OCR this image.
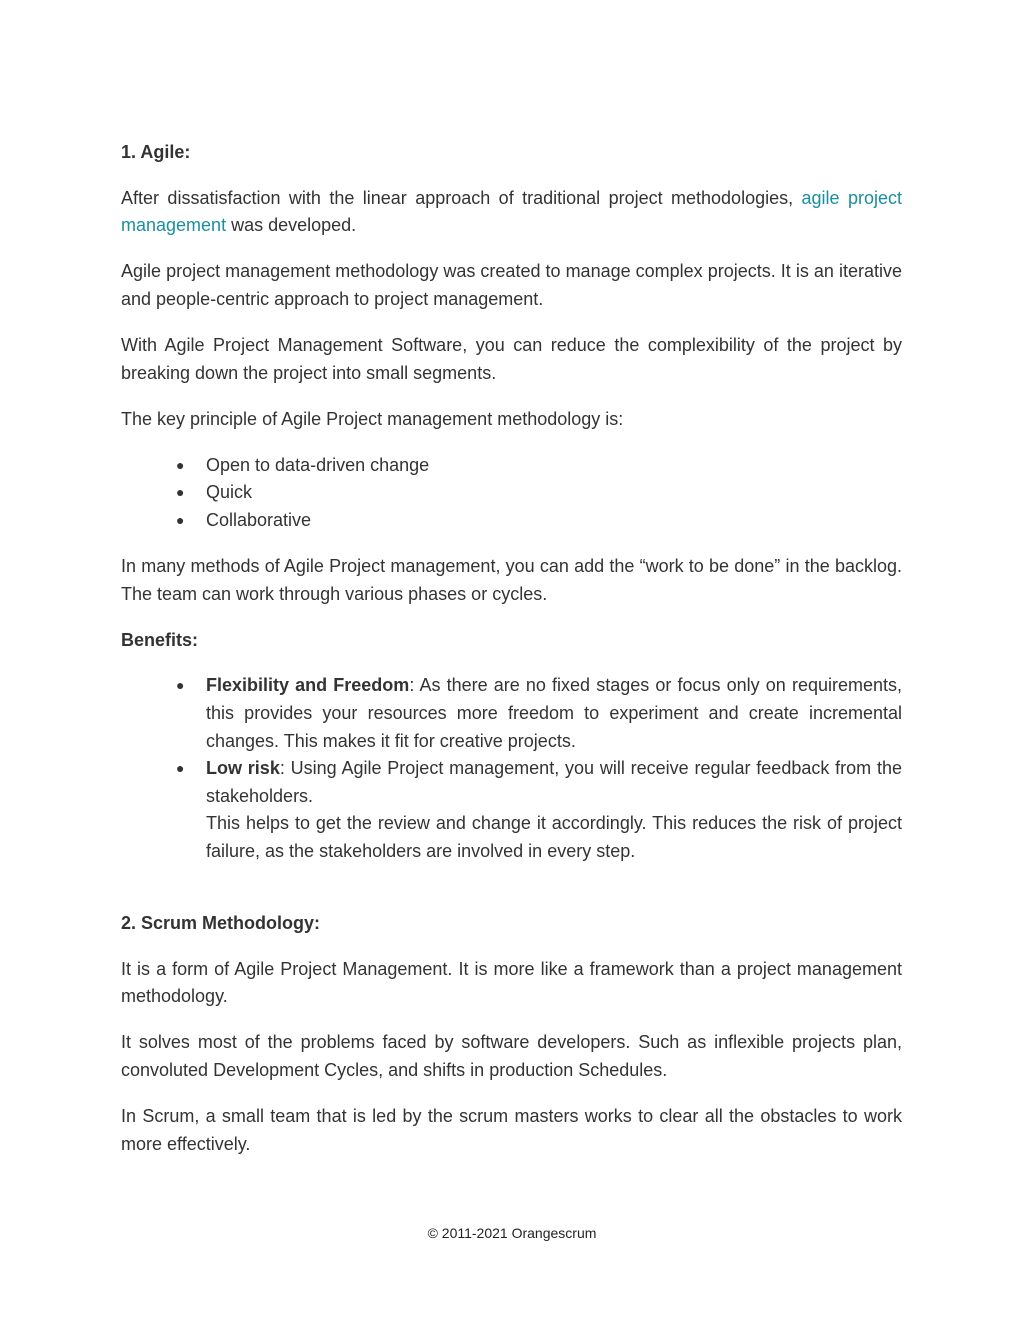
1. Agile:

After dissatisfaction with the linear approach of traditional project methodologies, agile project management was developed.

Agile project management methodology was created to manage complex projects. It is an iterative and people-centric approach to project management.

With Agile Project Management Software, you can reduce the complexibility of the project by breaking down the project into small segments.

The key principle of Agile Project management methodology is:

● Open to data-driven change
● Quick
● Collaborative

In many methods of Agile Project management, you can add the “work to be done” in the backlog. The team can work through various phases or cycles.

Benefits:
● Flexibility and Freedom: As there are no fixed stages or focus only on requirements, this provides your resources more freedom to experiment and create incremental changes. This makes it fit for creative projects.
● Low risk: Using Agile Project management, you will receive regular feedback from the stakeholders.
This helps to get the review and change it accordingly. This reduces the risk of project failure, as the stakeholders are involved in every step.
2. Scrum Methodology:

It is a form of Agile Project Management. It is more like a framework than a project management methodology.

It solves most of the problems faced by software developers. Such as inflexible projects plan, convoluted Development Cycles, and shifts in production Schedules.

In Scrum, a small team that is led by the scrum masters works to clear all the obstacles to work more effectively.

© 2011-2021 Orangescrum
